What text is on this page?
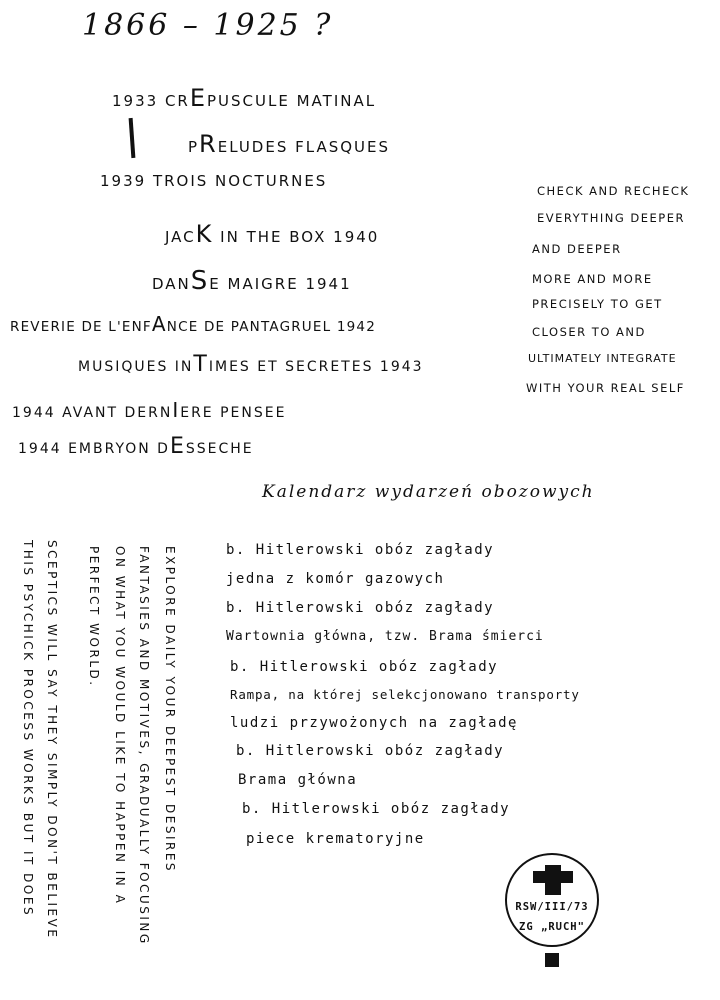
1866 – 1925 ?
1933 CREPUSCULE MATINAL
PRELUDES FLASQUES
1939 TROIS NOCTURNES
JACK IN THE BOX 1940
DANSE MAIGRE 1941
REVERIE DE L'ENFANCE DE PANTAGRUEL 1942
MUSIQUES INTIMES ET SECRETES 1943
1944 AVANT DERNIERE PENSEE
1944 EMBRYON DESSECHE
CHECK AND RECHECK
EVERYTHING DEEPER
AND DEEPER
MORE AND MORE
PRECISELY TO GET
CLOSER TO AND
ULTIMATELY INTEGRATE
WITH YOUR REAL SELF
Kalendarz wydarzeń obozowych
b. Hitlerowski obóz zagłady
jedna z komór gazowych
b. Hitlerowski obóz zagłady
Wartownia główna, tzw. Brama śmierci
b. Hitlerowski obóz zagłady
Rampa, na której selekcjonowano transporty
ludzi przywożonych na zagładę
b. Hitlerowski obóz zagłady
Brama główna
b. Hitlerowski obóz zagłady
piece krematoryjne
EXPLORE DAILY YOUR DEEPEST DESIRES
FANTASIES AND MOTIVES, GRADUALLY FOCUSING
ON WHAT YOU WOULD LIKE TO HAPPEN IN A
PERFECT WORLD.
SCEPTICS WILL SAY THEY SIMPLY DON'T BELIEVE
THIS PSYCHICK PROCESS WORKS BUT IT DOES	RSW/III/73
ZG „RUCH"
